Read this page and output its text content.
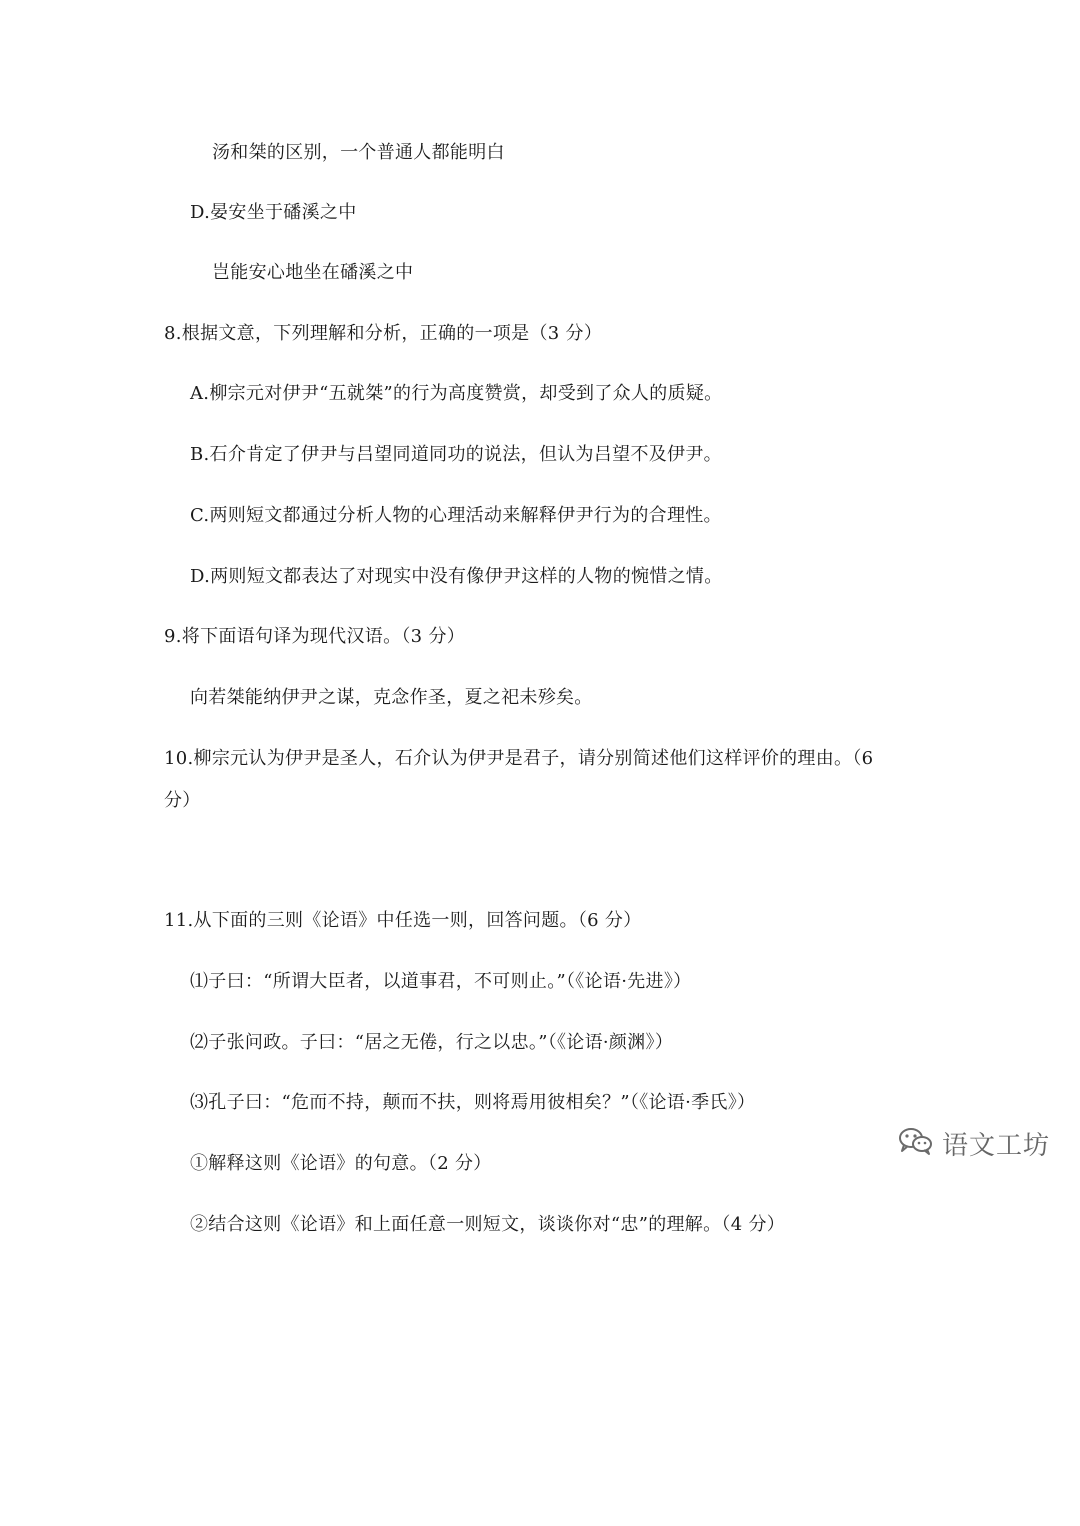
汤和桀的区别，一个普通人都能明白
D.晏安坐于磻溪之中
岂能安心地坐在磻溪之中
8.根据文意，下列理解和分析，正确的一项是（3 分）
A.柳宗元对伊尹“五就桀”的行为高度赞赏，却受到了众人的质疑。
B.石介肯定了伊尹与吕望同道同功的说法，但认为吕望不及伊尹。
C.两则短文都通过分析人物的心理活动来解释伊尹行为的合理性。
D.两则短文都表达了对现实中没有像伊尹这样的人物的惋惜之情。
9.将下面语句译为现代汉语。（3 分）
向若桀能纳伊尹之谋，克念作圣，夏之祀未殄矣。
10.柳宗元认为伊尹是圣人，石介认为伊尹是君子，请分别简述他们这样评价的理由。（6
分）
11.从下面的三则《论语》中任选一则，回答问题。（6 分）
⑴子曰：“所谓大臣者，以道事君，不可则止。”（《论语·先进》）
⑵子张问政。子曰：“居之无倦，行之以忠。”（《论语·颜渊》）
⑶孔子曰：“危而不持，颠而不扶，则将焉用彼相矣？”（《论语·季氏》）
①解释这则《论语》的句意。（2 分）
②结合这则《论语》和上面任意一则短文，谈谈你对“忠”的理解。（4 分）
语文工坊
